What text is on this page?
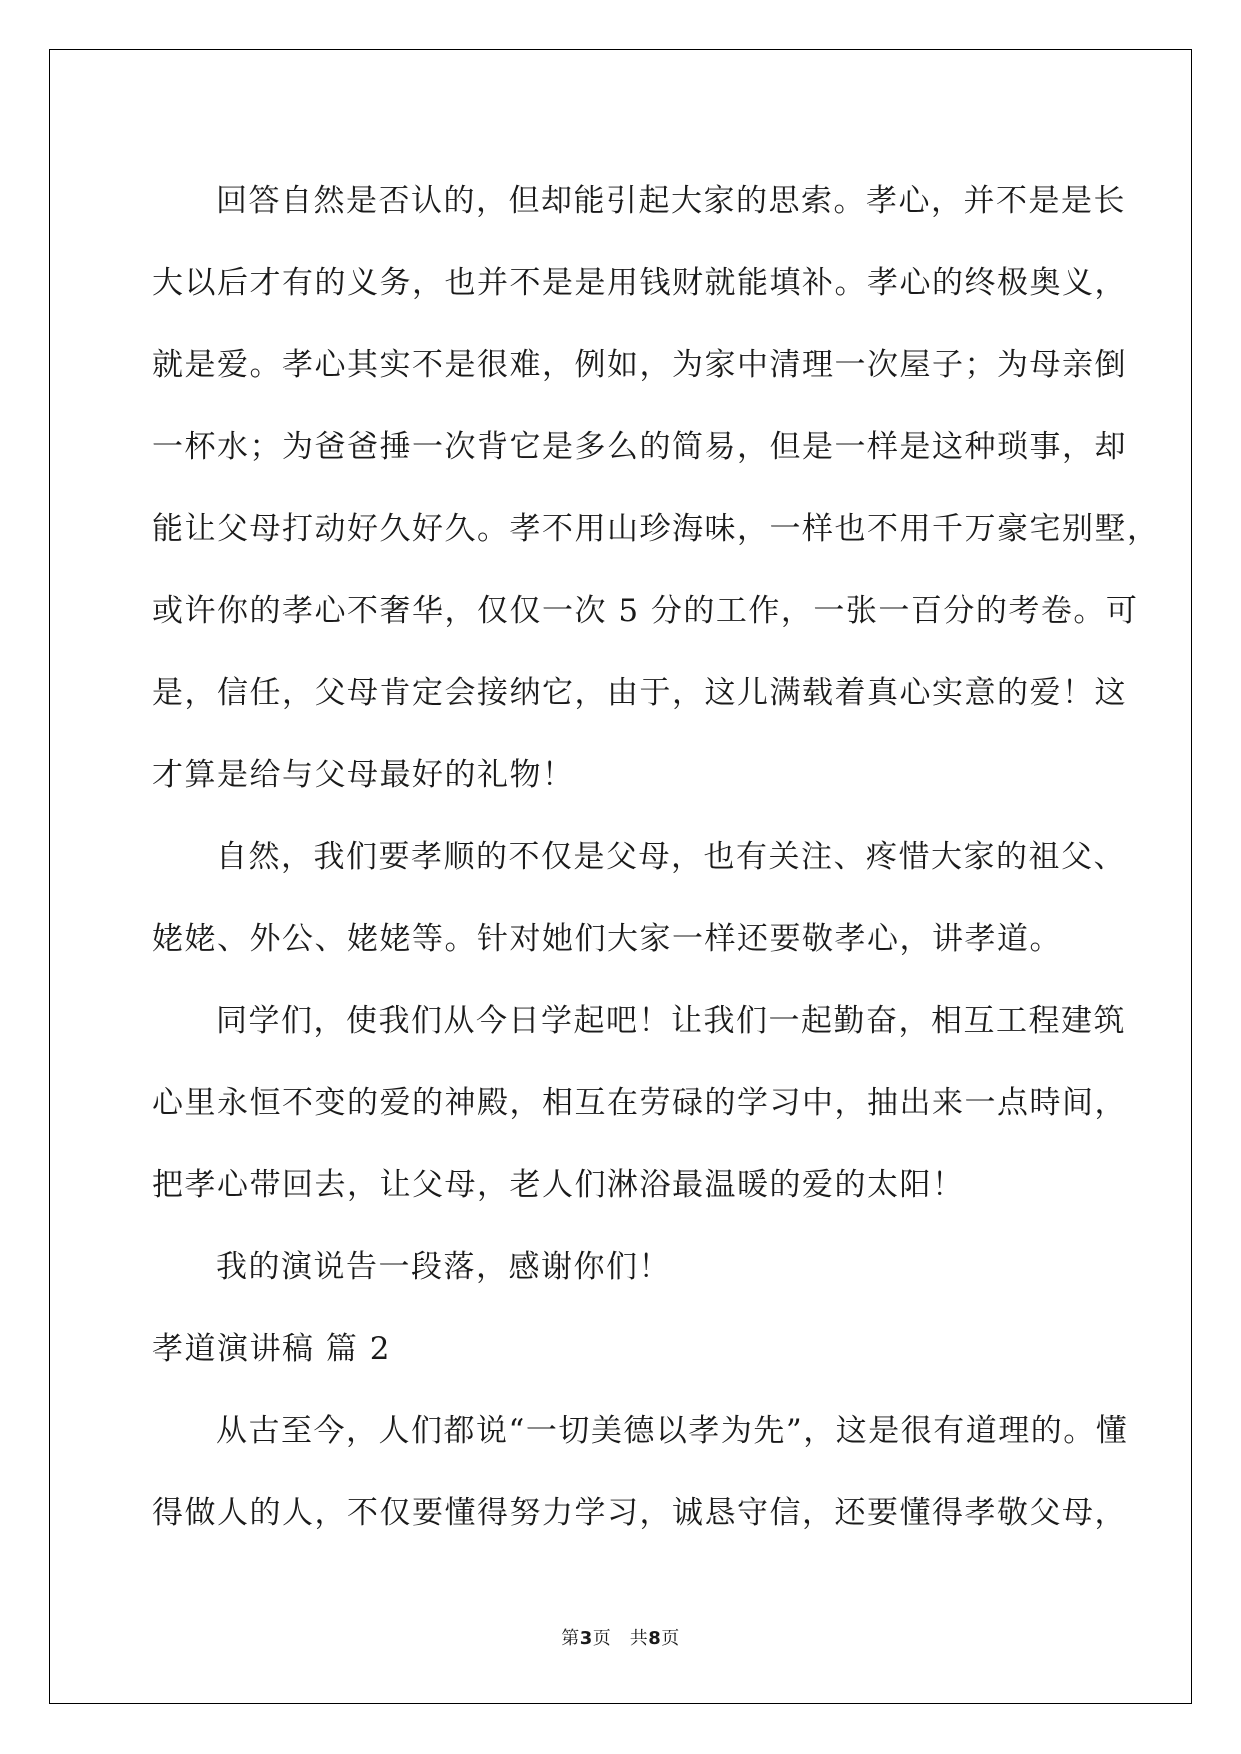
回答自然是否认的，但却能引起大家的思索。孝心，并不是是长
大以后才有的义务，也并不是是用钱财就能填补。孝心的终极奥义，
就是爱。孝心其实不是很难，例如，为家中清理一次屋子；为母亲倒
一杯水；为爸爸捶一次背它是多么的简易，但是一样是这种琐事，却
能让父母打动好久好久。孝不用山珍海味，一样也不用千万豪宅别墅，
或许你的孝心不奢华，仅仅一次 5 分的工作，一张一百分的考卷。可
是，信任，父母肯定会接纳它，由于，这儿满载着真心实意的爱！这
才算是给与父母最好的礼物！
自然，我们要孝顺的不仅是父母，也有关注、疼惜大家的祖父、
姥姥、外公、姥姥等。针对她们大家一样还要敬孝心，讲孝道。
同学们，使我们从今日学起吧！让我们一起勤奋，相互工程建筑
心里永恒不变的爱的神殿，相互在劳碌的学习中，抽出来一点時间，
把孝心带回去，让父母，老人们淋浴最温暖的爱的太阳！
我的演说告一段落，感谢你们！
孝道演讲稿 篇 2
从古至今，人们都说“一切美德以孝为先”，这是很有道理的。懂
得做人的人，不仅要懂得努力学习，诚恳守信，还要懂得孝敬父母，
第3页　共8页
